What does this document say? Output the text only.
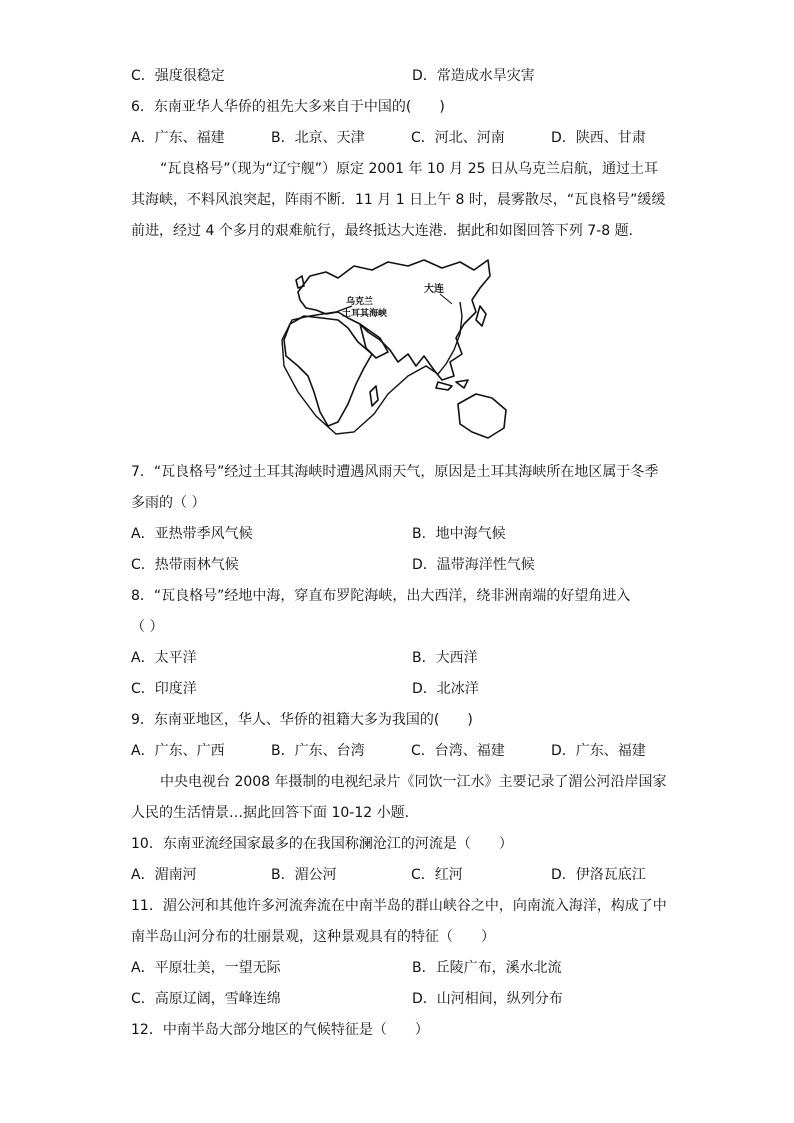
C．强度很稳定	D．常造成水旱灾害
6．东南亚华人华侨的祖先大多来自于中国的(　　)
A．广东、福建	B．北京、天津	C．河北、河南	D．陕西、甘肃
“瓦良格号”（现为“辽宁舰”）原定 2001 年 10 月 25 日从乌克兰启航，通过土耳
其海峡，不料风浪突起，阵雨不断．11 月 1 日上午 8 时，晨雾散尽，“瓦良格号”缓缓
前进，经过 4 个多月的艰难航行，最终抵达大连港．据此和如图回答下列 7-8 题．
大连
乌克兰
土耳其海峡
7．“瓦良格号”经过土耳其海峡时遭遇风雨天气，原因是土耳其海峡所在地区属于冬季
多雨的（ ）
A．亚热带季风气候	B．地中海气候
C．热带雨林气候	D．温带海洋性气候
8．“瓦良格号”经地中海，穿直布罗陀海峡，出大西洋，绕非洲南端的好望角进入
（ ）
A．太平洋	B．大西洋
C．印度洋	D．北冰洋
9．东南亚地区，华人、华侨的祖籍大多为我国的(　　)
A．广东、广西	B．广东、台湾	C．台湾、福建	D．广东、福建
中央电视台 2008 年摄制的电视纪录片《同饮一江水》主要记录了湄公河沿岸国家
人民的生活情景…据此回答下面 10-12 小题．
10．东南亚流经国家最多的在我国称澜沧江的河流是（　　）
A．湄南河	B．湄公河	C．红河	D．伊洛瓦底江
11．湄公河和其他许多河流奔流在中南半岛的群山峡谷之中，向南流入海洋，构成了中
南半岛山河分布的壮丽景观，这种景观具有的特征（　　）
A．平原壮美，一望无际	B．丘陵广布，溪水北流
C．高原辽阔，雪峰连绵	D．山河相间，纵列分布
12．中南半岛大部分地区的气候特征是（　　）
